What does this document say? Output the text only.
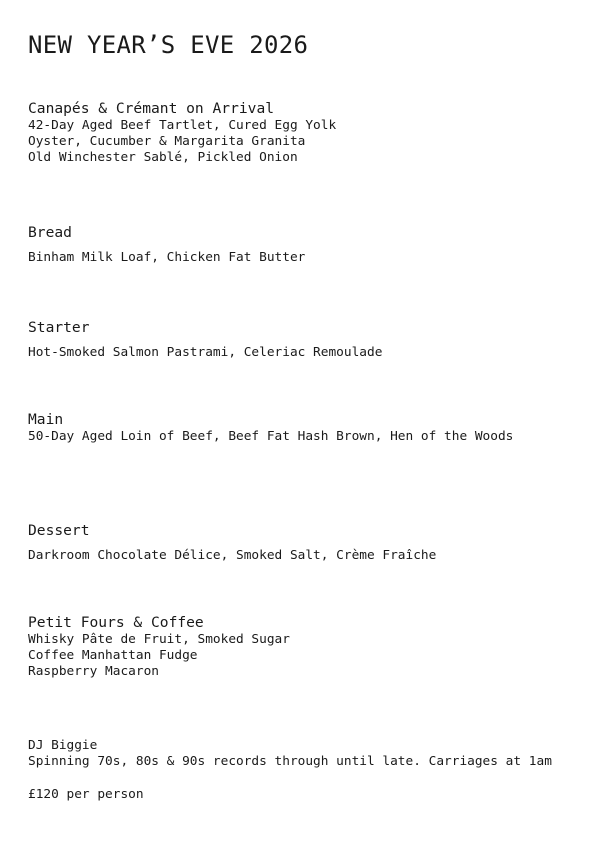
NEW YEAR’S EVE 2026
Canapés & Crémant on Arrival
42-Day Aged Beef Tartlet, Cured Egg Yolk
Oyster, Cucumber & Margarita Granita
Old Winchester Sablé, Pickled Onion
Bread
Binham Milk Loaf, Chicken Fat Butter
Starter
Hot-Smoked Salmon Pastrami, Celeriac Remoulade
Main
50-Day Aged Loin of Beef, Beef Fat Hash Brown, Hen of the Woods
Dessert
Darkroom Chocolate Délice, Smoked Salt, Crème Fraîche
Petit Fours & Coffee
Whisky Pâte de Fruit, Smoked Sugar
Coffee Manhattan Fudge
Raspberry Macaron
DJ Biggie
Spinning 70s, 80s & 90s records through until late. Carriages at 1am
£120 per person
